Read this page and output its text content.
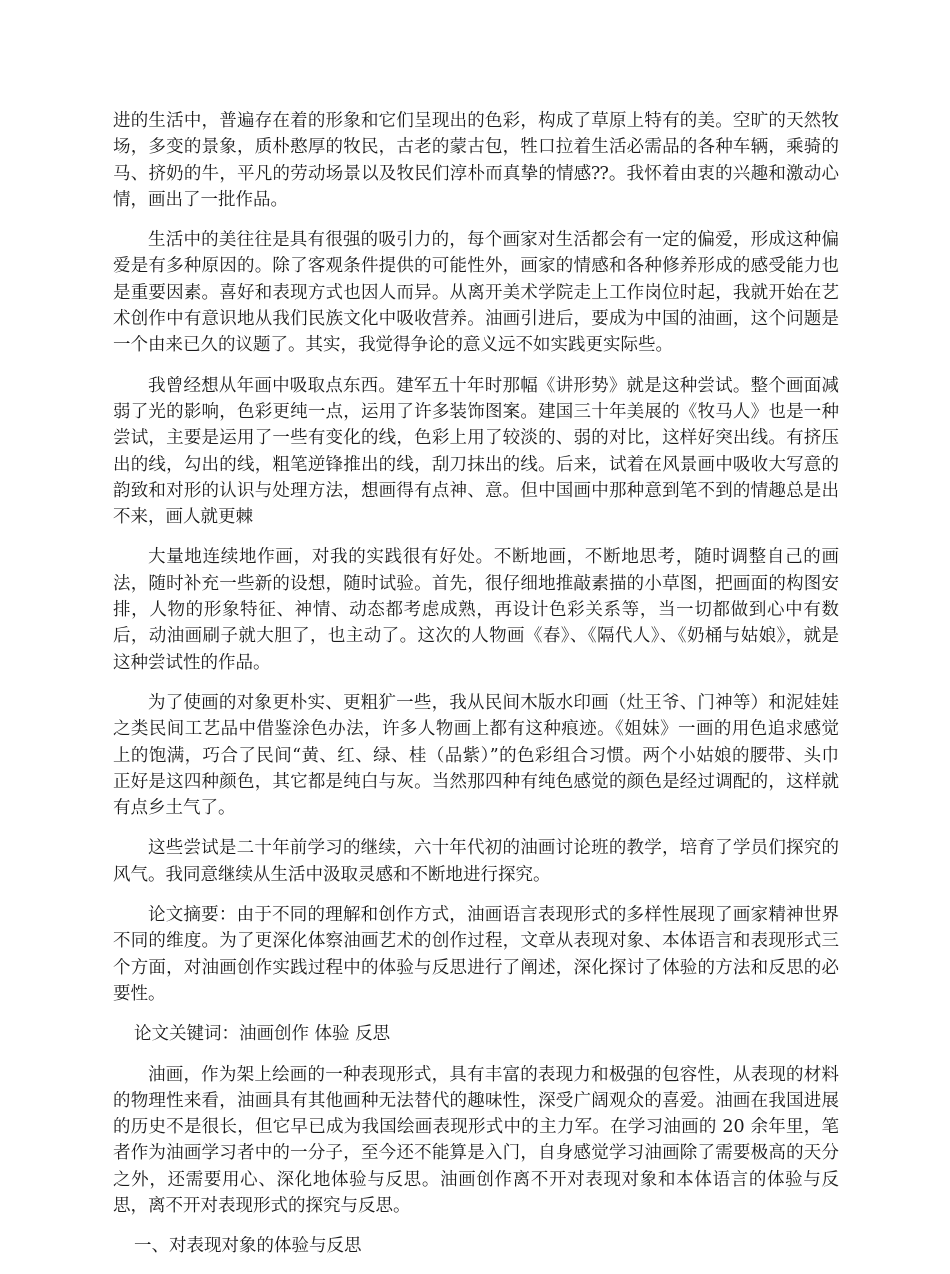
进的生活中，普遍存在着的形象和它们呈现出的色彩，构成了草原上特有的美。空旷的天然牧场，多变的景象，质朴憨厚的牧民，古老的蒙古包，牲口拉着生活必需品的各种车辆，乘骑的马、挤奶的牛，平凡的劳动场景以及牧民们淳朴而真挚的情感⁇。我怀着由衷的兴趣和激动心情，画出了一批作品。

生活中的美往往是具有很强的吸引力的，每个画家对生活都会有一定的偏爱，形成这种偏爱是有多种原因的。除了客观条件提供的可能性外，画家的情感和各种修养形成的感受能力也是重要因素。喜好和表现方式也因人而异。从离开美术学院走上工作岗位时起，我就开始在艺术创作中有意识地从我们民族文化中吸收营养。油画引进后，要成为中国的油画，这个问题是一个由来已久的议题了。其实，我觉得争论的意义远不如实践更实际些。

我曾经想从年画中吸取点东西。建军五十年时那幅《讲形势》就是这种尝试。整个画面减弱了光的影响，色彩更纯一点，运用了许多装饰图案。建国三十年美展的《牧马人》也是一种尝试，主要是运用了一些有变化的线，色彩上用了较淡的、弱的对比，这样好突出线。有挤压出的线，勾出的线，粗笔逆锋推出的线，刮刀抹出的线。后来，试着在风景画中吸收大写意的韵致和对形的认识与处理方法，想画得有点神、意。但中国画中那种意到笔不到的情趣总是出不来，画人就更棘

大量地连续地作画，对我的实践很有好处。不断地画，不断地思考，随时调整自己的画法，随时补充一些新的设想，随时试验。首先，很仔细地推敲素描的小草图，把画面的构图安排，人物的形象特征、神情、动态都考虑成熟，再设计色彩关系等，当一切都做到心中有数后，动油画刷子就大胆了，也主动了。这次的人物画《春》、《隔代人》、《奶桶与姑娘》，就是这种尝试性的作品。

为了使画的对象更朴实、更粗犷一些，我从民间木版水印画（灶王爷、门神等）和泥娃娃之类民间工艺品中借鉴涂色办法，许多人物画上都有这种痕迹。《姐妹》一画的用色追求感觉上的饱满，巧合了民间“黄、红、绿、桂（品紫）”的色彩组合习惯。两个小姑娘的腰带、头巾正好是这四种颜色，其它都是纯白与灰。当然那四种有纯色感觉的颜色是经过调配的，这样就有点乡土气了。

这些尝试是二十年前学习的继续，六十年代初的油画讨论班的教学，培育了学员们探究的风气。我同意继续从生活中汲取灵感和不断地进行探究。

论文摘要：由于不同的理解和创作方式，油画语言表现形式的多样性展现了画家精神世界不同的维度。为了更深化体察油画艺术的创作过程，文章从表现对象、本体语言和表现形式三个方面，对油画创作实践过程中的体验与反思进行了阐述，深化探讨了体验的方法和反思的必要性。

论文关键词：油画创作 体验 反思

油画，作为架上绘画的一种表现形式，具有丰富的表现力和极强的包容性，从表现的材料的物理性来看，油画具有其他画种无法替代的趣味性，深受广阔观众的喜爱。油画在我国进展的历史不是很长，但它早已成为我国绘画表现形式中的主力军。在学习油画的 20 余年里，笔者作为油画学习者中的一分子，至今还不能算是入门，自身感觉学习油画除了需要极高的天分之外，还需要用心、深化地体验与反思。油画创作离不开对表现对象和本体语言的体验与反思，离不开对表现形式的探究与反思。

一、对表现对象的体验与反思
